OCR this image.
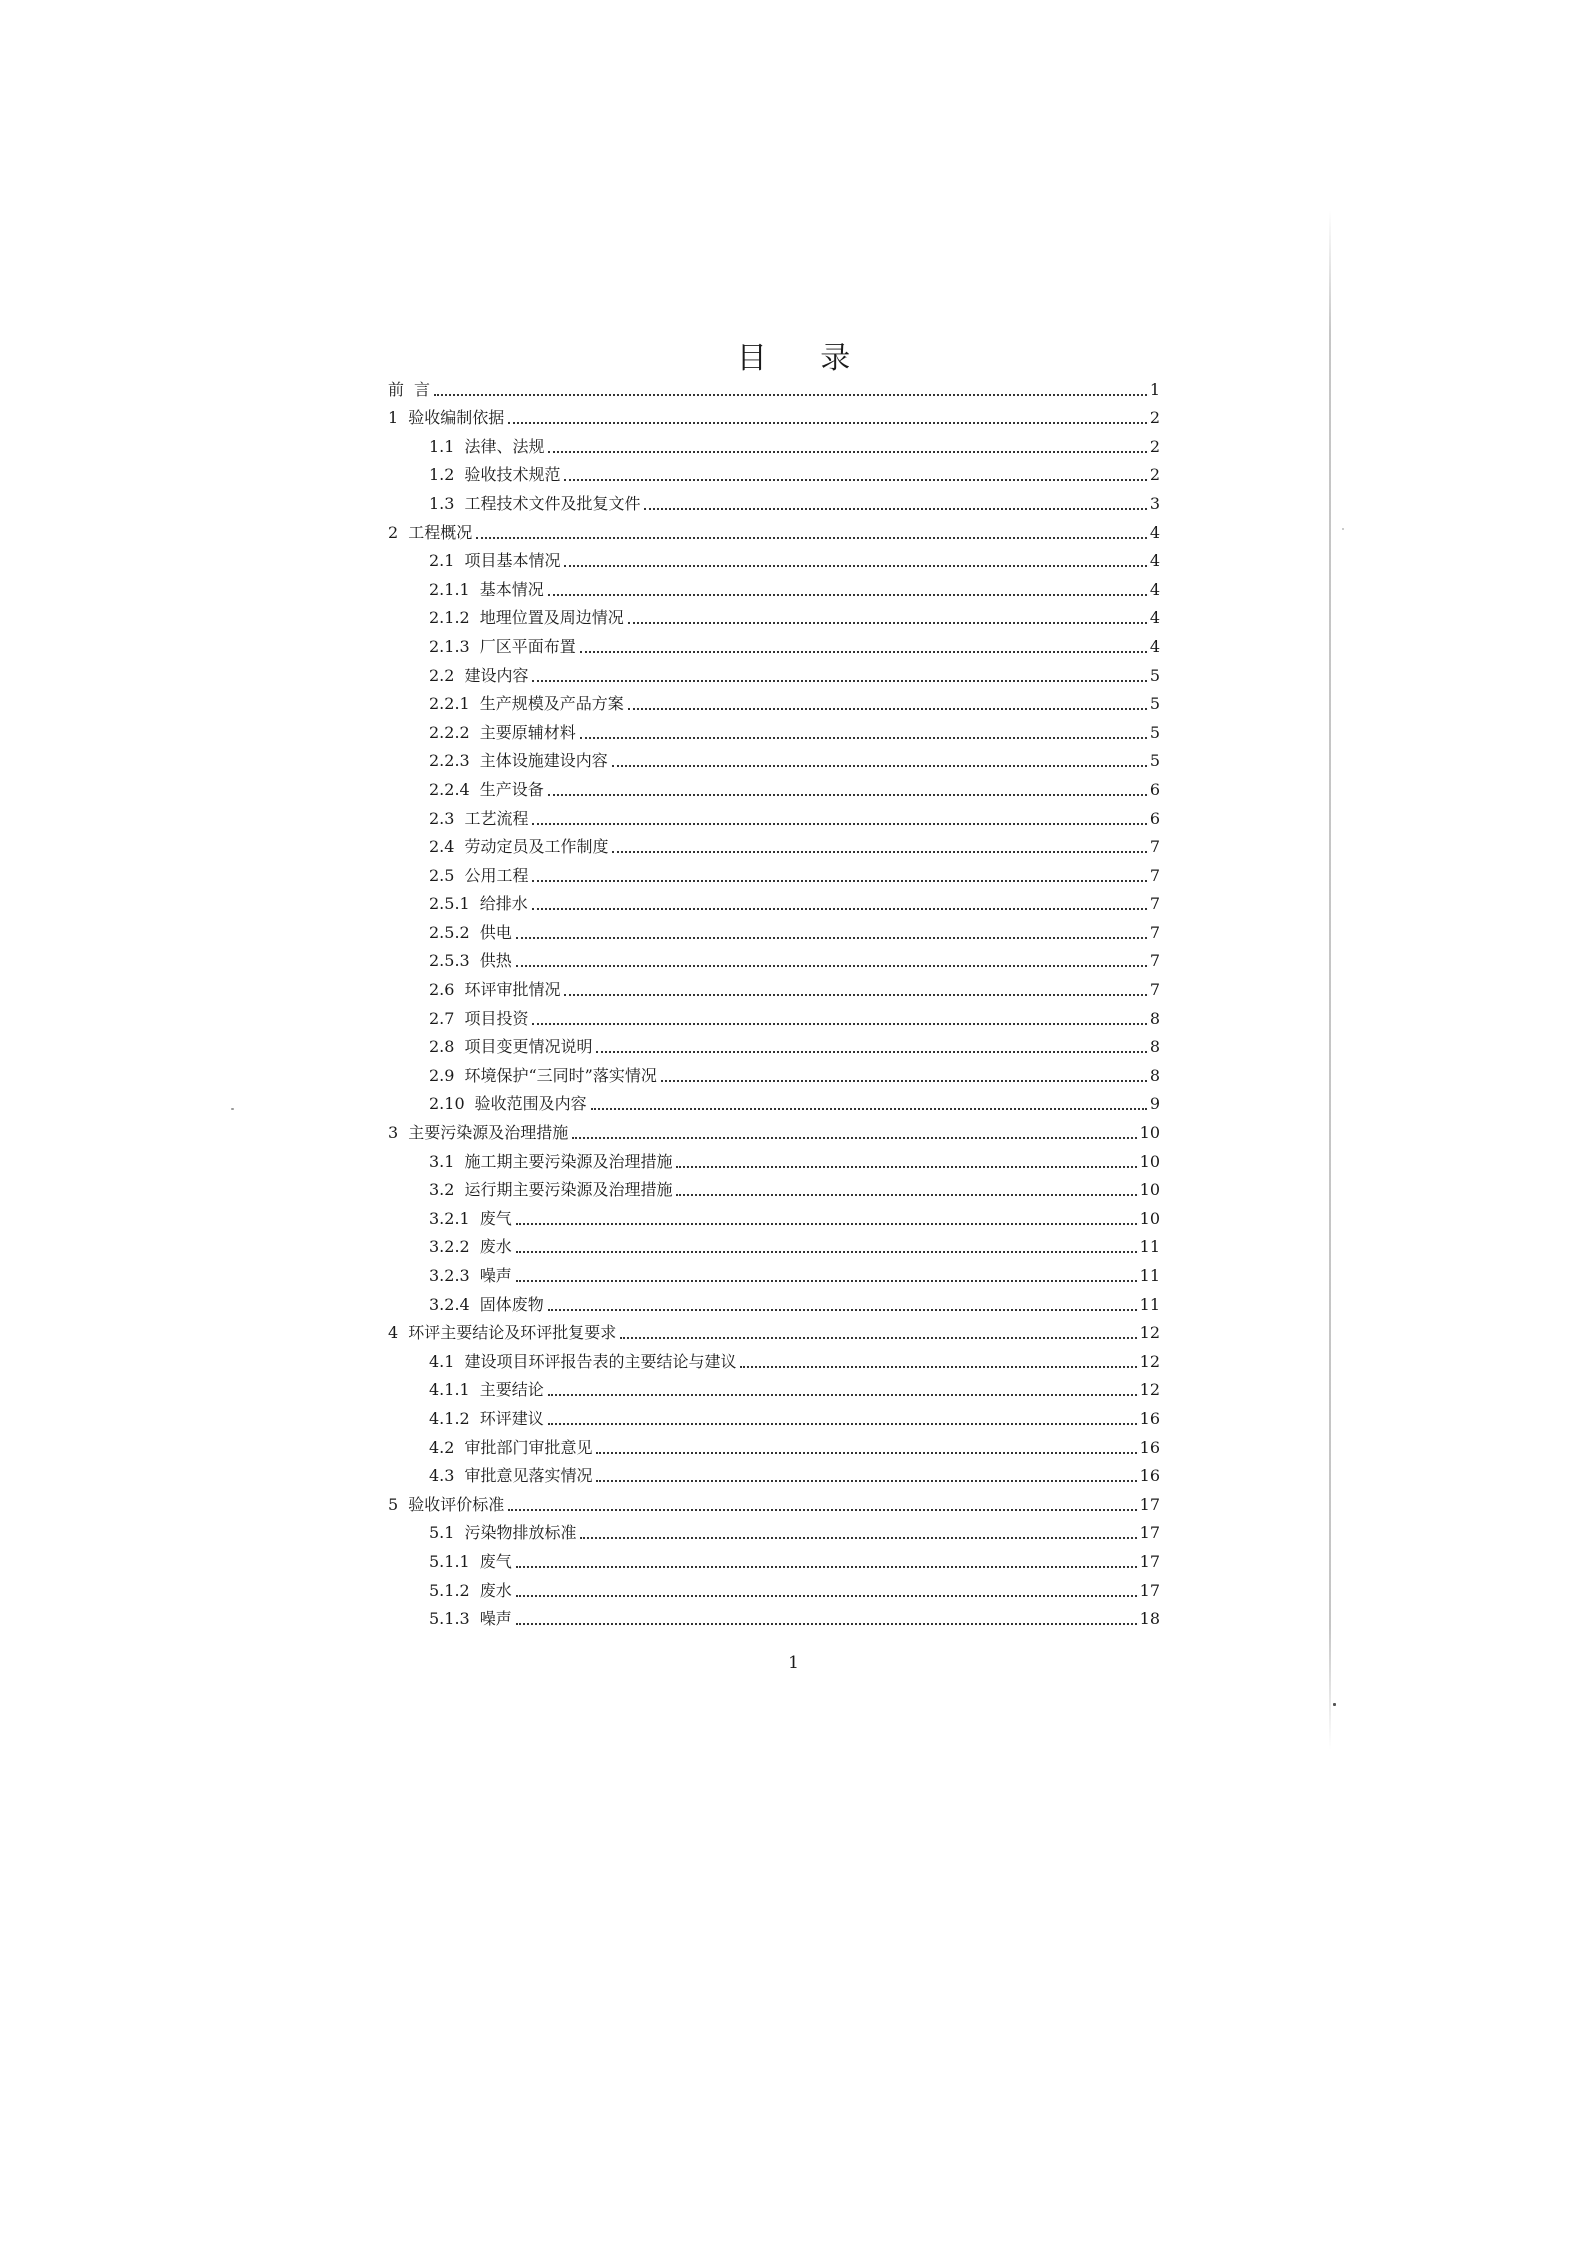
目 录
前 言	1
1 验收编制依据	2
1.1 法律、法规	2
1.2 验收技术规范	2
1.3 工程技术文件及批复文件	3
2 工程概况	4
2.1 项目基本情况	4
2.1.1 基本情况	4
2.1.2 地理位置及周边情况	4
2.1.3 厂区平面布置	4
2.2 建设内容	5
2.2.1 生产规模及产品方案	5
2.2.2 主要原辅材料	5
2.2.3 主体设施建设内容	5
2.2.4 生产设备	6
2.3 工艺流程	6
2.4 劳动定员及工作制度	7
2.5 公用工程	7
2.5.1 给排水	7
2.5.2 供电	7
2.5.3 供热	7
2.6 环评审批情况	7
2.7 项目投资	8
2.8 项目变更情况说明	8
2.9 环境保护“三同时”落实情况	8
2.10 验收范围及内容	9
3 主要污染源及治理措施	10
3.1 施工期主要污染源及治理措施	10
3.2 运行期主要污染源及治理措施	10
3.2.1 废气	10
3.2.2 废水	11
3.2.3 噪声	11
3.2.4 固体废物	11
4 环评主要结论及环评批复要求	12
4.1 建设项目环评报告表的主要结论与建议	12
4.1.1 主要结论	12
4.1.2 环评建议	16
4.2 审批部门审批意见	16
4.3 审批意见落实情况	16
5 验收评价标准	17
5.1 污染物排放标准	17
5.1.1 废气	17
5.1.2 废水	17
5.1.3 噪声	18
1
